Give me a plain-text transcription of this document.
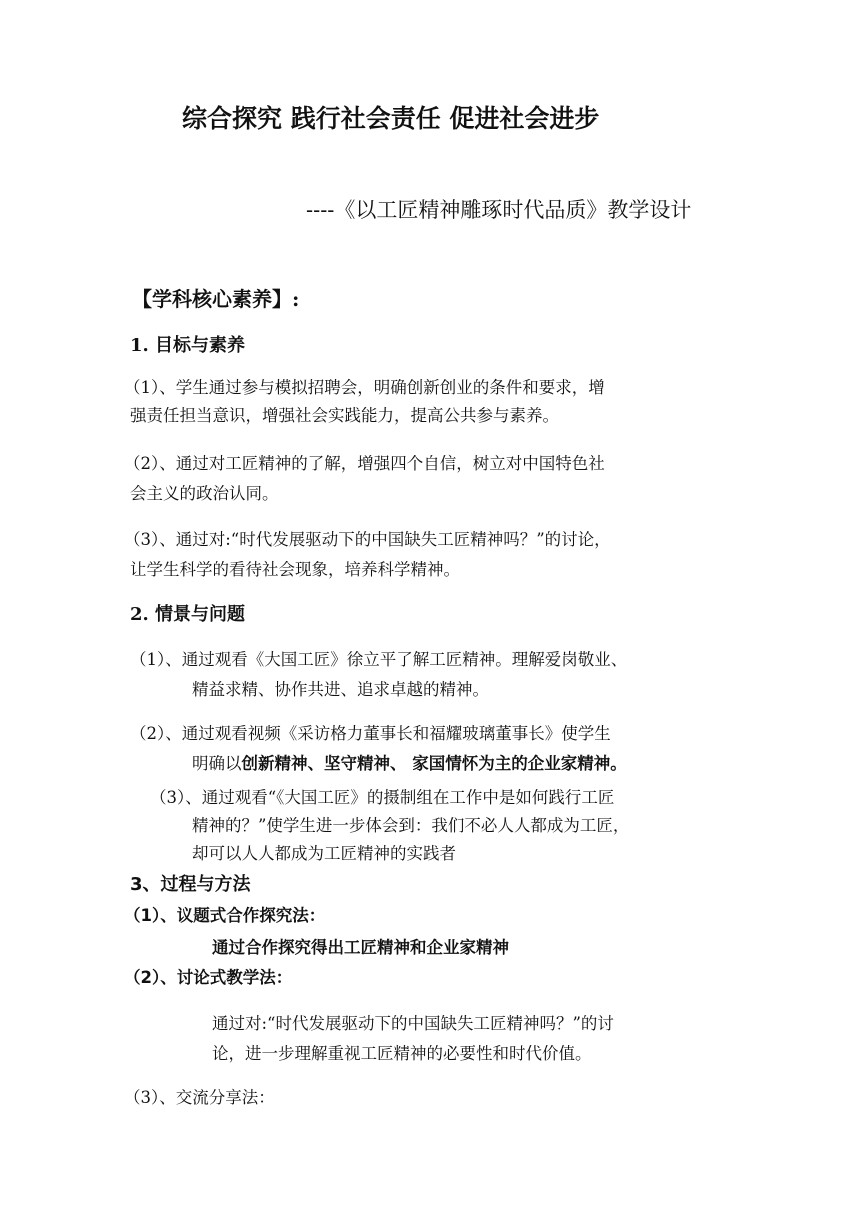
综合探究 践行社会责任 促进社会进步

----《以工匠精神雕琢时代品质》教学设计

【学科核心素养】:

1. 目标与素养

（1）、学生通过参与模拟招聘会，明确创新创业的条件和要求，增

强责任担当意识，增强社会实践能力，提高公共参与素养。

（2）、通过对工匠精神的了解，增强四个自信，树立对中国特色社

会主义的政治认同。

（3）、通过对:“时代发展驱动下的中国缺失工匠精神吗？”的讨论，

让学生科学的看待社会现象，培养科学精神。

2. 情景与问题

（1）、通过观看《大国工匠》徐立平了解工匠精神。理解爱岗敬业、

精益求精、协作共进、追求卓越的精神。

（2）、通过观看视频《采访格力董事长和福耀玻璃董事长》使学生

明确以创新精神、坚守精神、 家国情怀为主的企业家精神。

（3）、通过观看“《大国工匠》的摄制组在工作中是如何践行工匠

精神的？”使学生进一步体会到：我们不必人人都成为工匠，

却可以人人都成为工匠精神的实践者

3、过程与方法

（1）、议题式合作探究法：

通过合作探究得出工匠精神和企业家精神

（2）、讨论式教学法：

通过对:“时代发展驱动下的中国缺失工匠精神吗？”的讨

论，进一步理解重视工匠精神的必要性和时代价值。

（3）、交流分享法：
